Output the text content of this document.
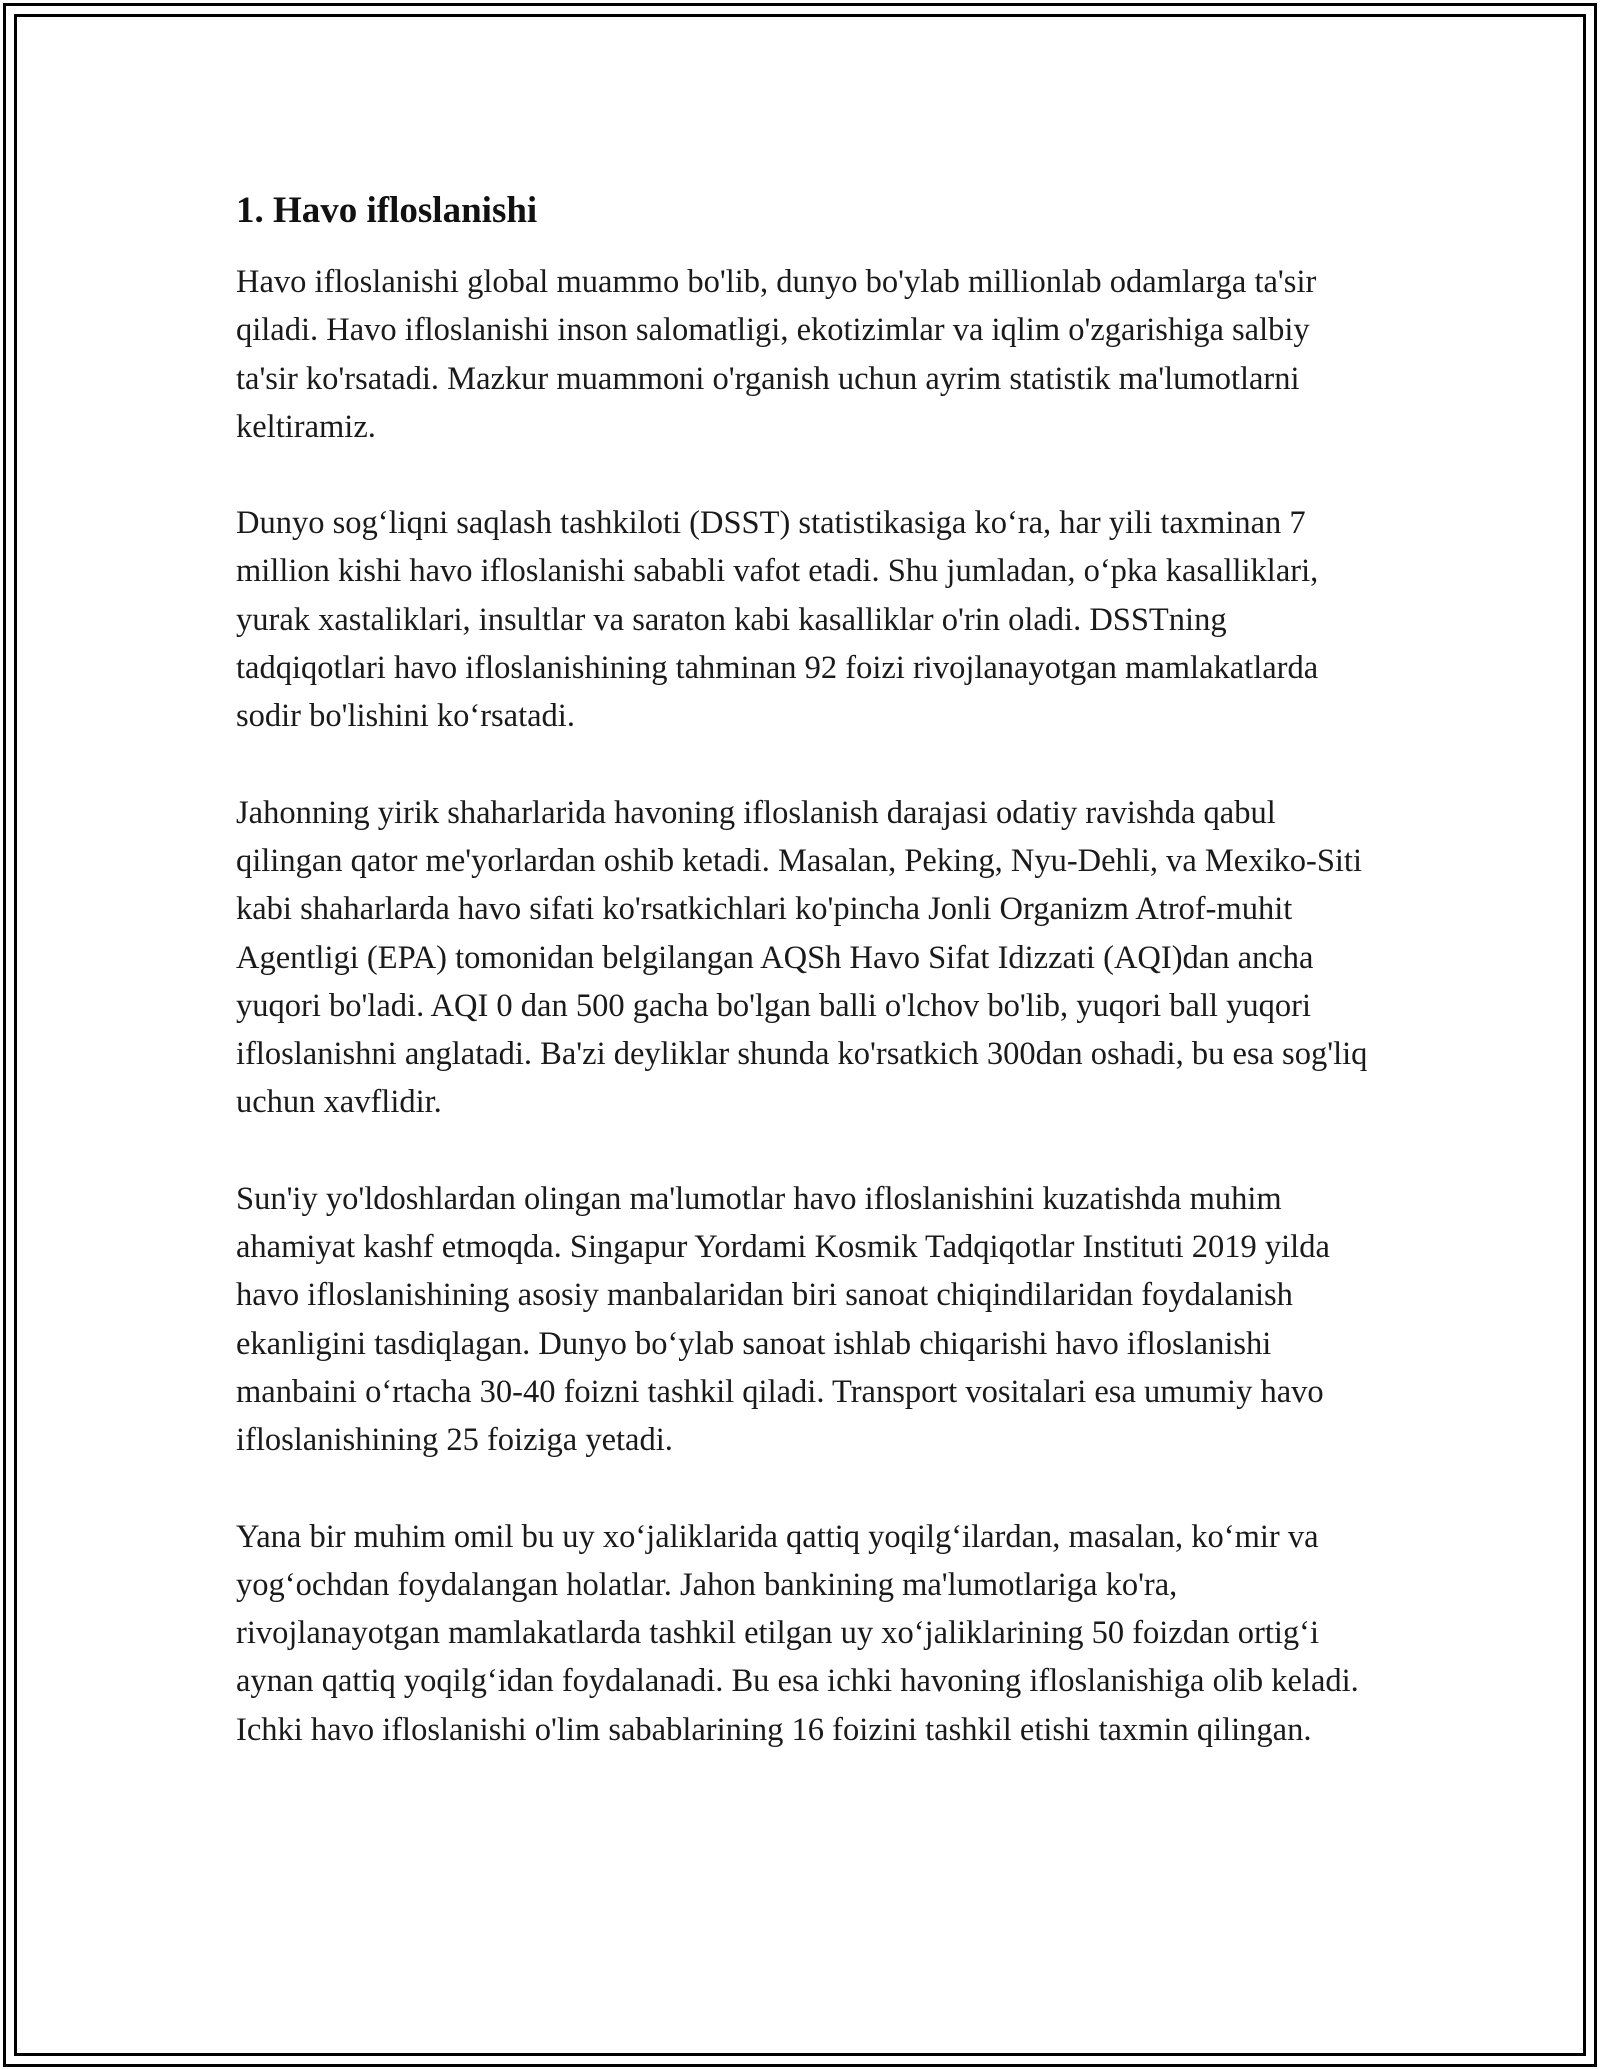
1. Havo ifloslanishi

Havo ifloslanishi global muammo bo'lib, dunyo bo'ylab millionlab odamlarga ta'sir qiladi. Havo ifloslanishi inson salomatligi, ekotizimlar va iqlim o'zgarishiga salbiy ta'sir ko'rsatadi. Mazkur muammoni o'rganish uchun ayrim statistik ma'lumotlarni keltiramiz.

Dunyo sog‘liqni saqlash tashkiloti (DSST) statistikasiga ko‘ra, har yili taxminan 7 million kishi havo ifloslanishi sababli vafot etadi. Shu jumladan, o‘pka kasalliklari, yurak xastaliklari, insultlar va saraton kabi kasalliklar o'rin oladi. DSSTning tadqiqotlari havo ifloslanishining tahminan 92 foizi rivojlanayotgan mamlakatlarda sodir bo'lishini ko‘rsatadi.

Jahonning yirik shaharlarida havoning ifloslanish darajasi odatiy ravishda qabul qilingan qator me'yorlardan oshib ketadi. Masalan, Peking, Nyu-Dehli, va Mexiko-Siti kabi shaharlarda havo sifati ko'rsatkichlari ko'pincha Jonli Organizm Atrof-muhit Agentligi (EPA) tomonidan belgilangan AQSh Havo Sifat Idizzati (AQI)dan ancha yuqori bo'ladi. AQI 0 dan 500 gacha bo'lgan balli o'lchov bo'lib, yuqori ball yuqori ifloslanishni anglatadi. Ba'zi deyliklar shunda ko'rsatkich 300dan oshadi, bu esa sog'liq uchun xavflidir.

Sun'iy yo'ldoshlardan olingan ma'lumotlar havo ifloslanishini kuzatishda muhim ahamiyat kashf etmoqda. Singapur Yordami Kosmik Tadqiqotlar Instituti 2019 yilda havo ifloslanishining asosiy manbalaridan biri sanoat chiqindilaridan foydalanish ekanligini tasdiqlagan. Dunyo bo‘ylab sanoat ishlab chiqarishi havo ifloslanishi manbaini o‘rtacha 30-40 foizni tashkil qiladi. Transport vositalari esa umumiy havo ifloslanishining 25 foiziga yetadi.

Yana bir muhim omil bu uy xo‘jaliklarida qattiq yoqilg‘ilardan, masalan, ko‘mir va yog‘ochdan foydalangan holatlar. Jahon bankining ma'lumotlariga ko'ra, rivojlanayotgan mamlakatlarda tashkil etilgan uy xo‘jaliklarining 50 foizdan ortig‘i aynan qattiq yoqilg‘idan foydalanadi. Bu esa ichki havoning ifloslanishiga olib keladi. Ichki havo ifloslanishi o'lim sabablarining 16 foizini tashkil etishi taxmin qilingan.
